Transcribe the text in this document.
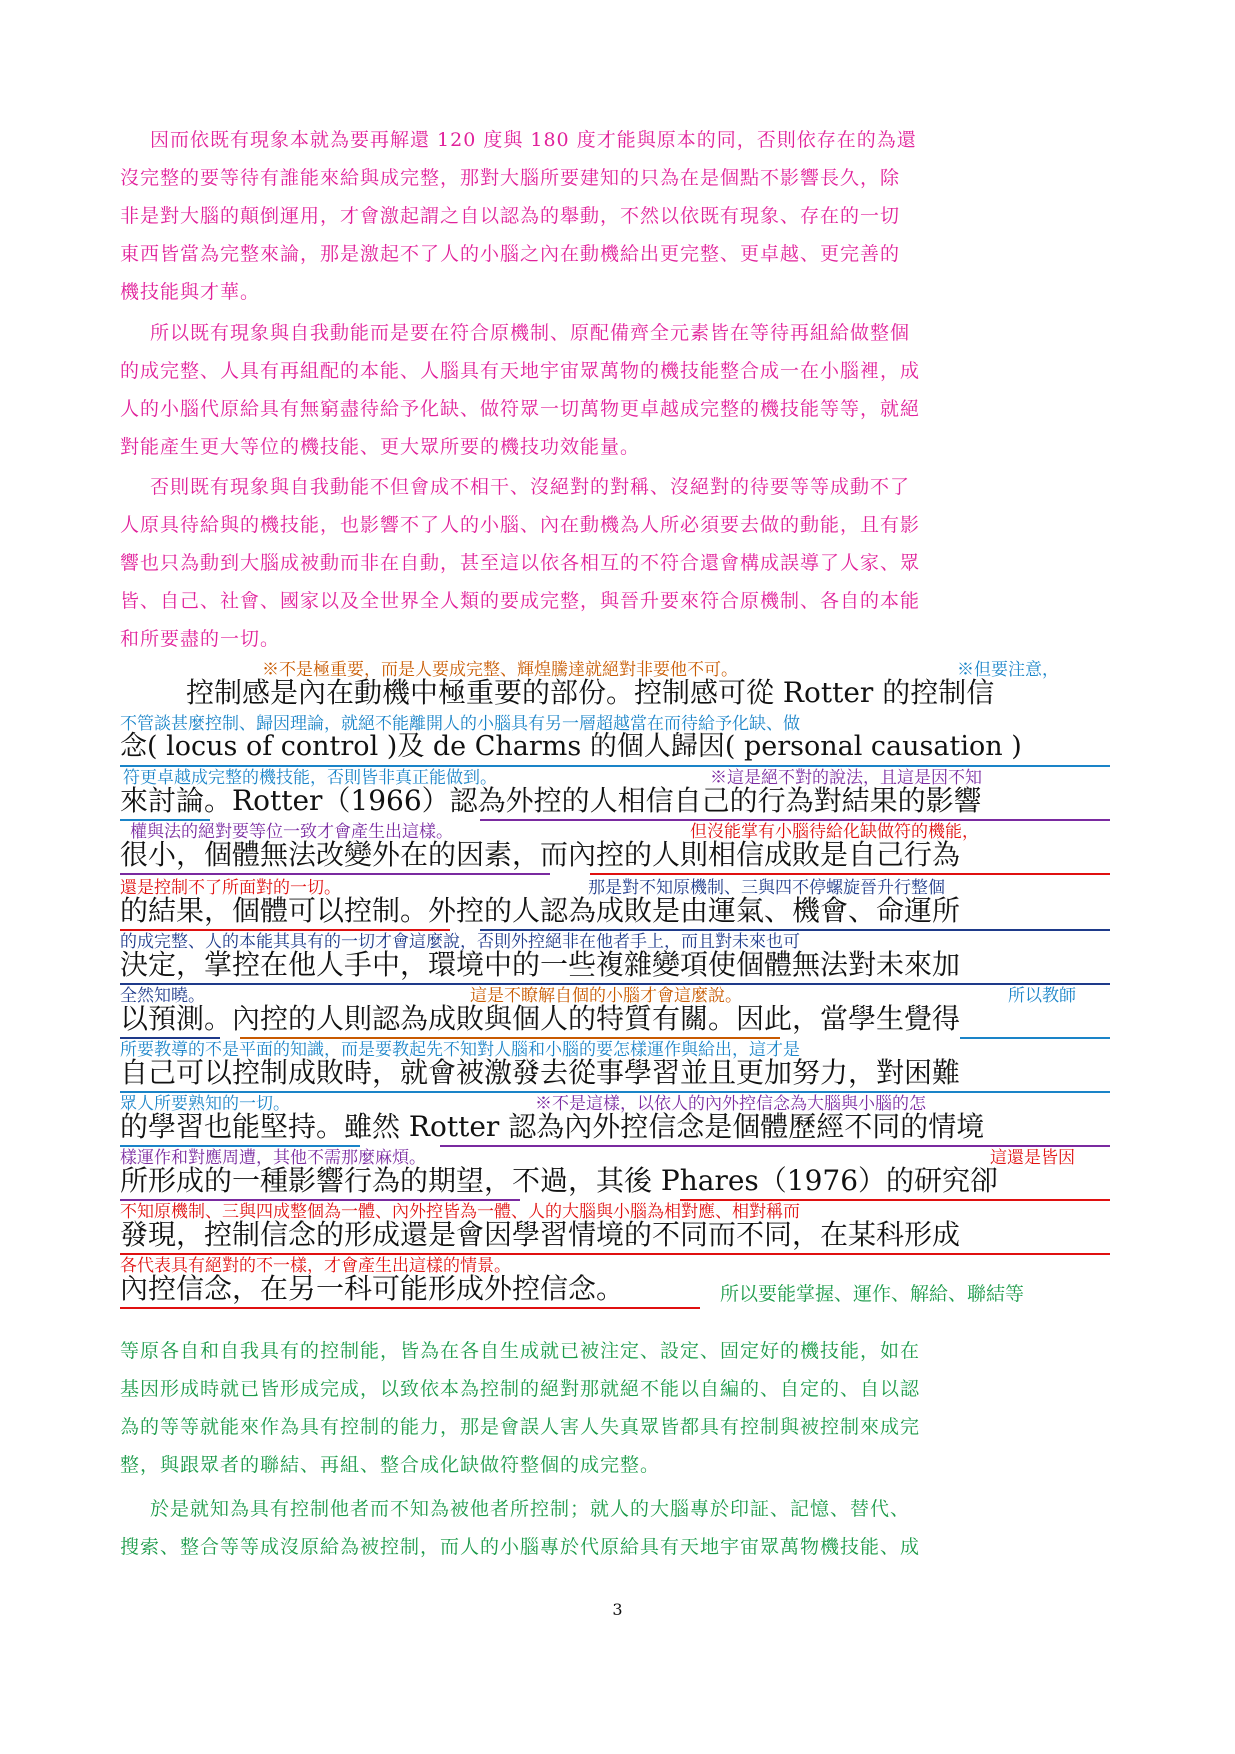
因而依既有現象本就為要再解還 120 度與 180 度才能與原本的同，否則依存在的為還
沒完整的要等待有誰能來給與成完整，那對大腦所要建知的只為在是個點不影響長久，除
非是對大腦的顛倒運用，才會激起謂之自以認為的舉動，不然以依既有現象、存在的一切
東西皆當為完整來論，那是激起不了人的小腦之內在動機給出更完整、更卓越、更完善的
機技能與才華。
所以既有現象與自我動能而是要在符合原機制、原配備齊全元素皆在等待再組給做整個
的成完整、人具有再組配的本能、人腦具有天地宇宙眾萬物的機技能整合成一在小腦裡，成
人的小腦代原給具有無窮盡待給予化缺、做符眾一切萬物更卓越成完整的機技能等等，就絕
對能產生更大等位的機技能、更大眾所要的機技功效能量。
否則既有現象與自我動能不但會成不相干、沒絕對的對稱、沒絕對的待要等等成動不了
人原具待給與的機技能，也影響不了人的小腦、內在動機為人所必須要去做的動能，且有影
響也只為動到大腦成被動而非在自動，甚至這以依各相互的不符合還會構成誤導了人家、眾
皆、自己、社會、國家以及全世界全人類的要成完整，與晉升要來符合原機制、各自的本能
和所要盡的一切。
※不是極重要，而是人要成完整、輝煌騰達就絕對非要他不可。	※但要注意，
控制感是內在動機中極重要的部份。控制感可從 Rotter 的控制信
不管談甚麼控制、歸因理論，就絕不能離開人的小腦具有另一層超越當在而待給予化缺、做
念( locus of control )及 de Charms 的個人歸因( personal causation )
符更卓越成完整的機技能，否則皆非真正能做到。	※這是絕不對的說法，且這是因不知
來討論。Rotter（1966）認為外控的人相信自己的行為對結果的影響
權與法的絕對要等位一致才會產生出這樣。	但沒能掌有小腦待給化缺做符的機能，
很小，個體無法改變外在的因素，而內控的人則相信成敗是自己行為
還是控制不了所面對的一切。	那是對不知原機制、三與四不停螺旋晉升行整個
的結果，個體可以控制。外控的人認為成敗是由運氣、機會、命運所
的成完整、人的本能其具有的一切才會這麼說，否則外控絕非在他者手上，而且對未來也可
決定，掌控在他人手中，環境中的一些複雜變項使個體無法對未來加
全然知曉。	這是不瞭解自個的小腦才會這麼說。	所以教師
以預測。內控的人則認為成敗與個人的特質有關。因此，當學生覺得
所要教導的不是平面的知識，而是要教起先不知對人腦和小腦的要怎樣運作與給出，這才是
自己可以控制成敗時，就會被激發去從事學習並且更加努力，對困難
眾人所要熟知的一切。	※不是這樣，以依人的內外控信念為大腦與小腦的怎
的學習也能堅持。雖然 Rotter 認為內外控信念是個體歷經不同的情境
樣運作和對應周遭，其他不需那麼麻煩。	這還是皆因
所形成的一種影響行為的期望，不過，其後 Phares（1976）的研究卻
不知原機制、三與四成整個為一體、內外控皆為一體、人的大腦與小腦為相對應、相對稱而
發現，控制信念的形成還是會因學習情境的不同而不同，在某科形成
各代表具有絕對的不一樣，才會產生出這樣的情景。
內控信念，在另一科可能形成外控信念。	所以要能掌握、運作、解給、聯結等
等原各自和自我具有的控制能，皆為在各自生成就已被注定、設定、固定好的機技能，如在
基因形成時就已皆形成完成，以致依本為控制的絕對那就絕不能以自編的、自定的、自以認
為的等等就能來作為具有控制的能力，那是會誤人害人失真眾皆都具有控制與被控制來成完
整，與跟眾者的聯結、再組、整合成化缺做符整個的成完整。
於是就知為具有控制他者而不知為被他者所控制；就人的大腦專於印証、記憶、替代、
搜索、整合等等成沒原給為被控制，而人的小腦專於代原給具有天地宇宙眾萬物機技能、成
3
